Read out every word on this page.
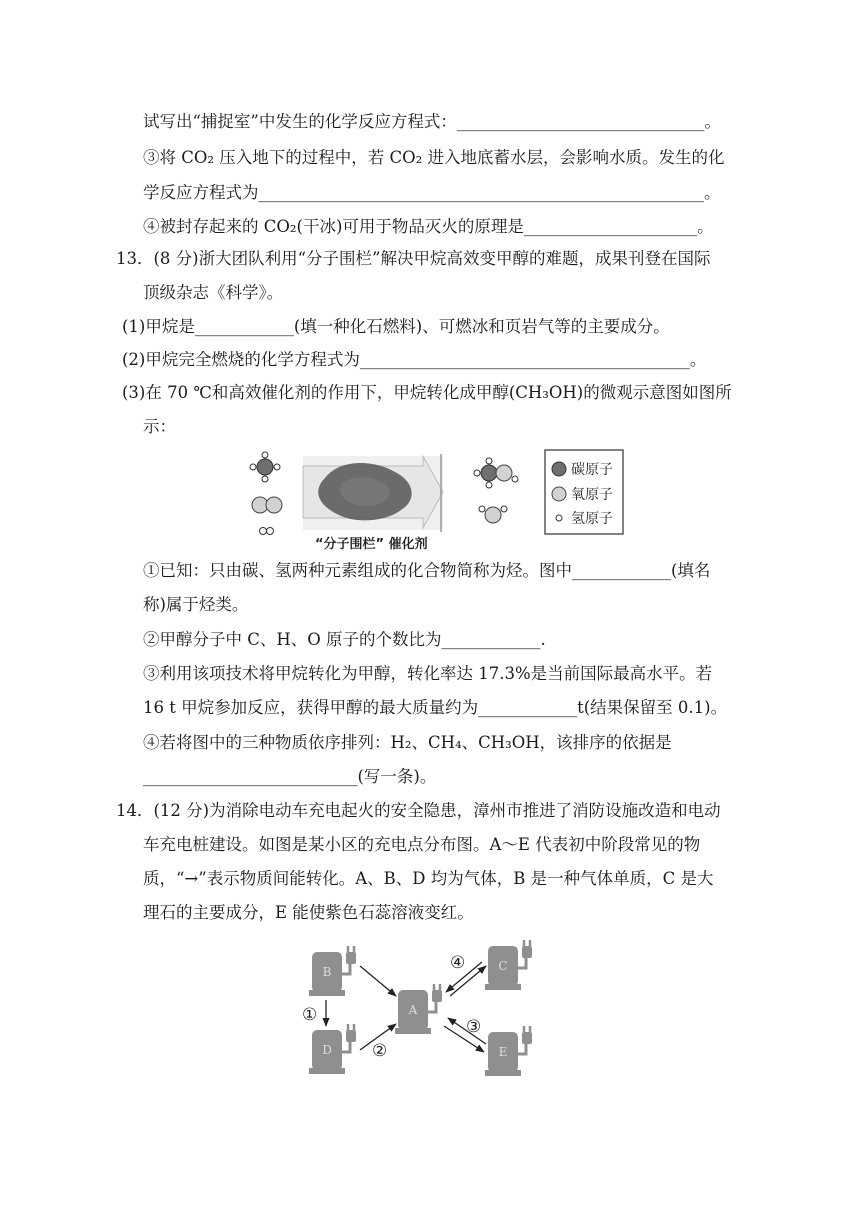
试写出“捕捉室”中发生的化学反应方程式：______________________________。
③将 CO₂ 压入地下的过程中，若 CO₂ 进入地底蓄水层，会影响水质。发生的化
学反应方程式为______________________________________________________。
④被封存起来的 CO₂(干冰)可用于物品灭火的原理是_____________________。
13．(8 分)浙大团队利用“分子围栏”解决甲烷高效变甲醇的难题，成果刊登在国际
顶级杂志《科学》。
(1)甲烷是____________(填一种化石燃料)、可燃冰和页岩气等的主要成分。
(2)甲烷完全燃烧的化学方程式为________________________________________。
(3)在 70 ℃和高效催化剂的作用下，甲烷转化成甲醇(CH₃OH)的微观示意图如图所
示：
“分子围栏” 催化剂
碳原子
氧原子
氢原子
①已知：只由碳、氢两种元素组成的化合物简称为烃。图中____________(填名
称)属于烃类。
②甲醇分子中 C、H、O 原子的个数比为____________.
③利用该项技术将甲烷转化为甲醇，转化率达 17.3%是当前国际最高水平。若
16 t 甲烷参加反应，获得甲醇的最大质量约为____________t(结果保留至 0.1)。
④若将图中的三种物质依序排列：H₂、CH₄、CH₃OH，该排序的依据是
__________________________(写一条)。
14．(12 分)为消除电动车充电起火的安全隐患，漳州市推进了消防设施改造和电动
车充电桩建设。如图是某小区的充电点分布图。A～E 代表初中阶段常见的物
质，“→”表示物质间能转化。A、B、D 均为气体，B 是一种气体单质，C 是大
理石的主要成分，E 能使紫色石蕊溶液变红。
B
D
A
C
E
①
②
③
④
